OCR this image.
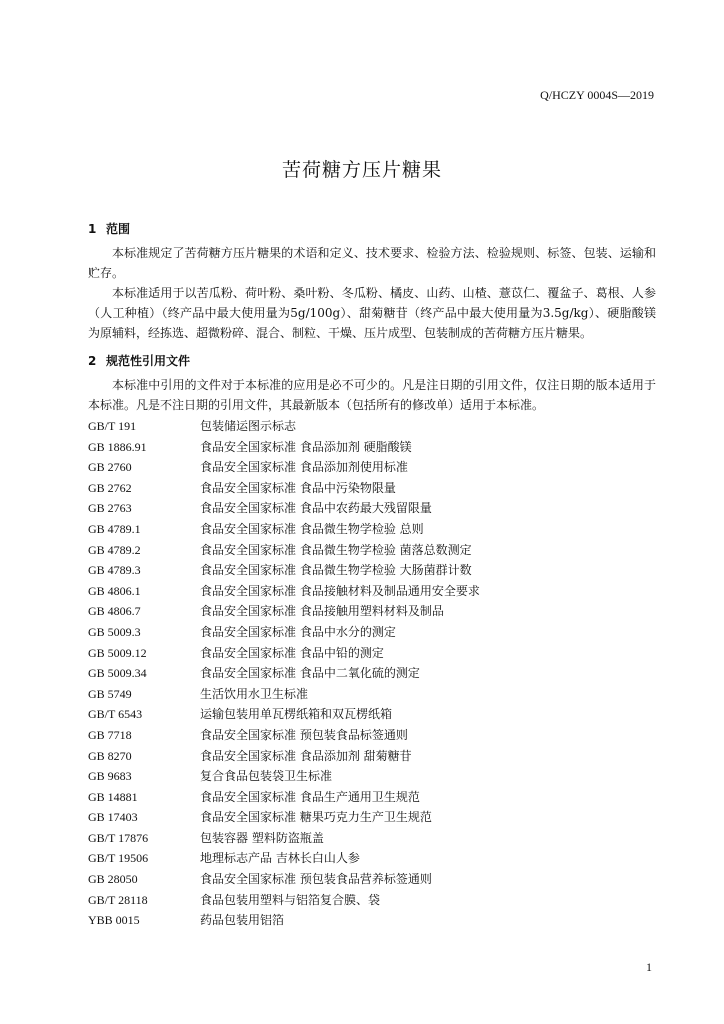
Q/HCZY 0004S—2019
苦荷糖方压片糖果
1 范围
本标准规定了苦荷糖方压片糖果的术语和定义、技术要求、检验方法、检验规则、标签、包装、运输和贮存。
本标准适用于以苦瓜粉、荷叶粉、桑叶粉、冬瓜粉、橘皮、山药、山楂、薏苡仁、覆盆子、葛根、人参（人工种植）（终产品中最大使用量为5g/100g）、甜菊糖苷（终产品中最大使用量为3.5g/kg）、硬脂酸镁为原辅料，经拣选、超微粉碎、混合、制粒、干燥、压片成型、包装制成的苦荷糖方压片糖果。
2 规范性引用文件
本标准中引用的文件对于本标准的应用是必不可少的。凡是注日期的引用文件，仅注日期的版本适用于本标准。凡是不注日期的引用文件，其最新版本（包括所有的修改单）适用于本标准。
GB/T 191	包装储运图示标志
GB 1886.91	食品安全国家标准 食品添加剂 硬脂酸镁
GB 2760	食品安全国家标准 食品添加剂使用标准
GB 2762	食品安全国家标准 食品中污染物限量
GB 2763	食品安全国家标准 食品中农药最大残留限量
GB 4789.1	食品安全国家标准 食品微生物学检验 总则
GB 4789.2	食品安全国家标准 食品微生物学检验 菌落总数测定
GB 4789.3	食品安全国家标准 食品微生物学检验 大肠菌群计数
GB 4806.1	食品安全国家标准 食品接触材料及制品通用安全要求
GB 4806.7	食品安全国家标准 食品接触用塑料材料及制品
GB 5009.3	食品安全国家标准 食品中水分的测定
GB 5009.12	食品安全国家标准 食品中铅的测定
GB 5009.34	食品安全国家标准 食品中二氧化硫的测定
GB 5749	生活饮用水卫生标准
GB/T 6543	运输包装用单瓦楞纸箱和双瓦楞纸箱
GB 7718	食品安全国家标准 预包装食品标签通则
GB 8270	食品安全国家标准 食品添加剂 甜菊糖苷
GB 9683	复合食品包装袋卫生标准
GB 14881	食品安全国家标准 食品生产通用卫生规范
GB 17403	食品安全国家标准 糖果巧克力生产卫生规范
GB/T 17876	包装容器 塑料防盗瓶盖
GB/T 19506	地理标志产品 吉林长白山人参
GB 28050	食品安全国家标准 预包装食品营养标签通则
GB/T 28118	食品包装用塑料与铝箔复合膜、袋
YBB 0015	药品包装用铝箔
1
